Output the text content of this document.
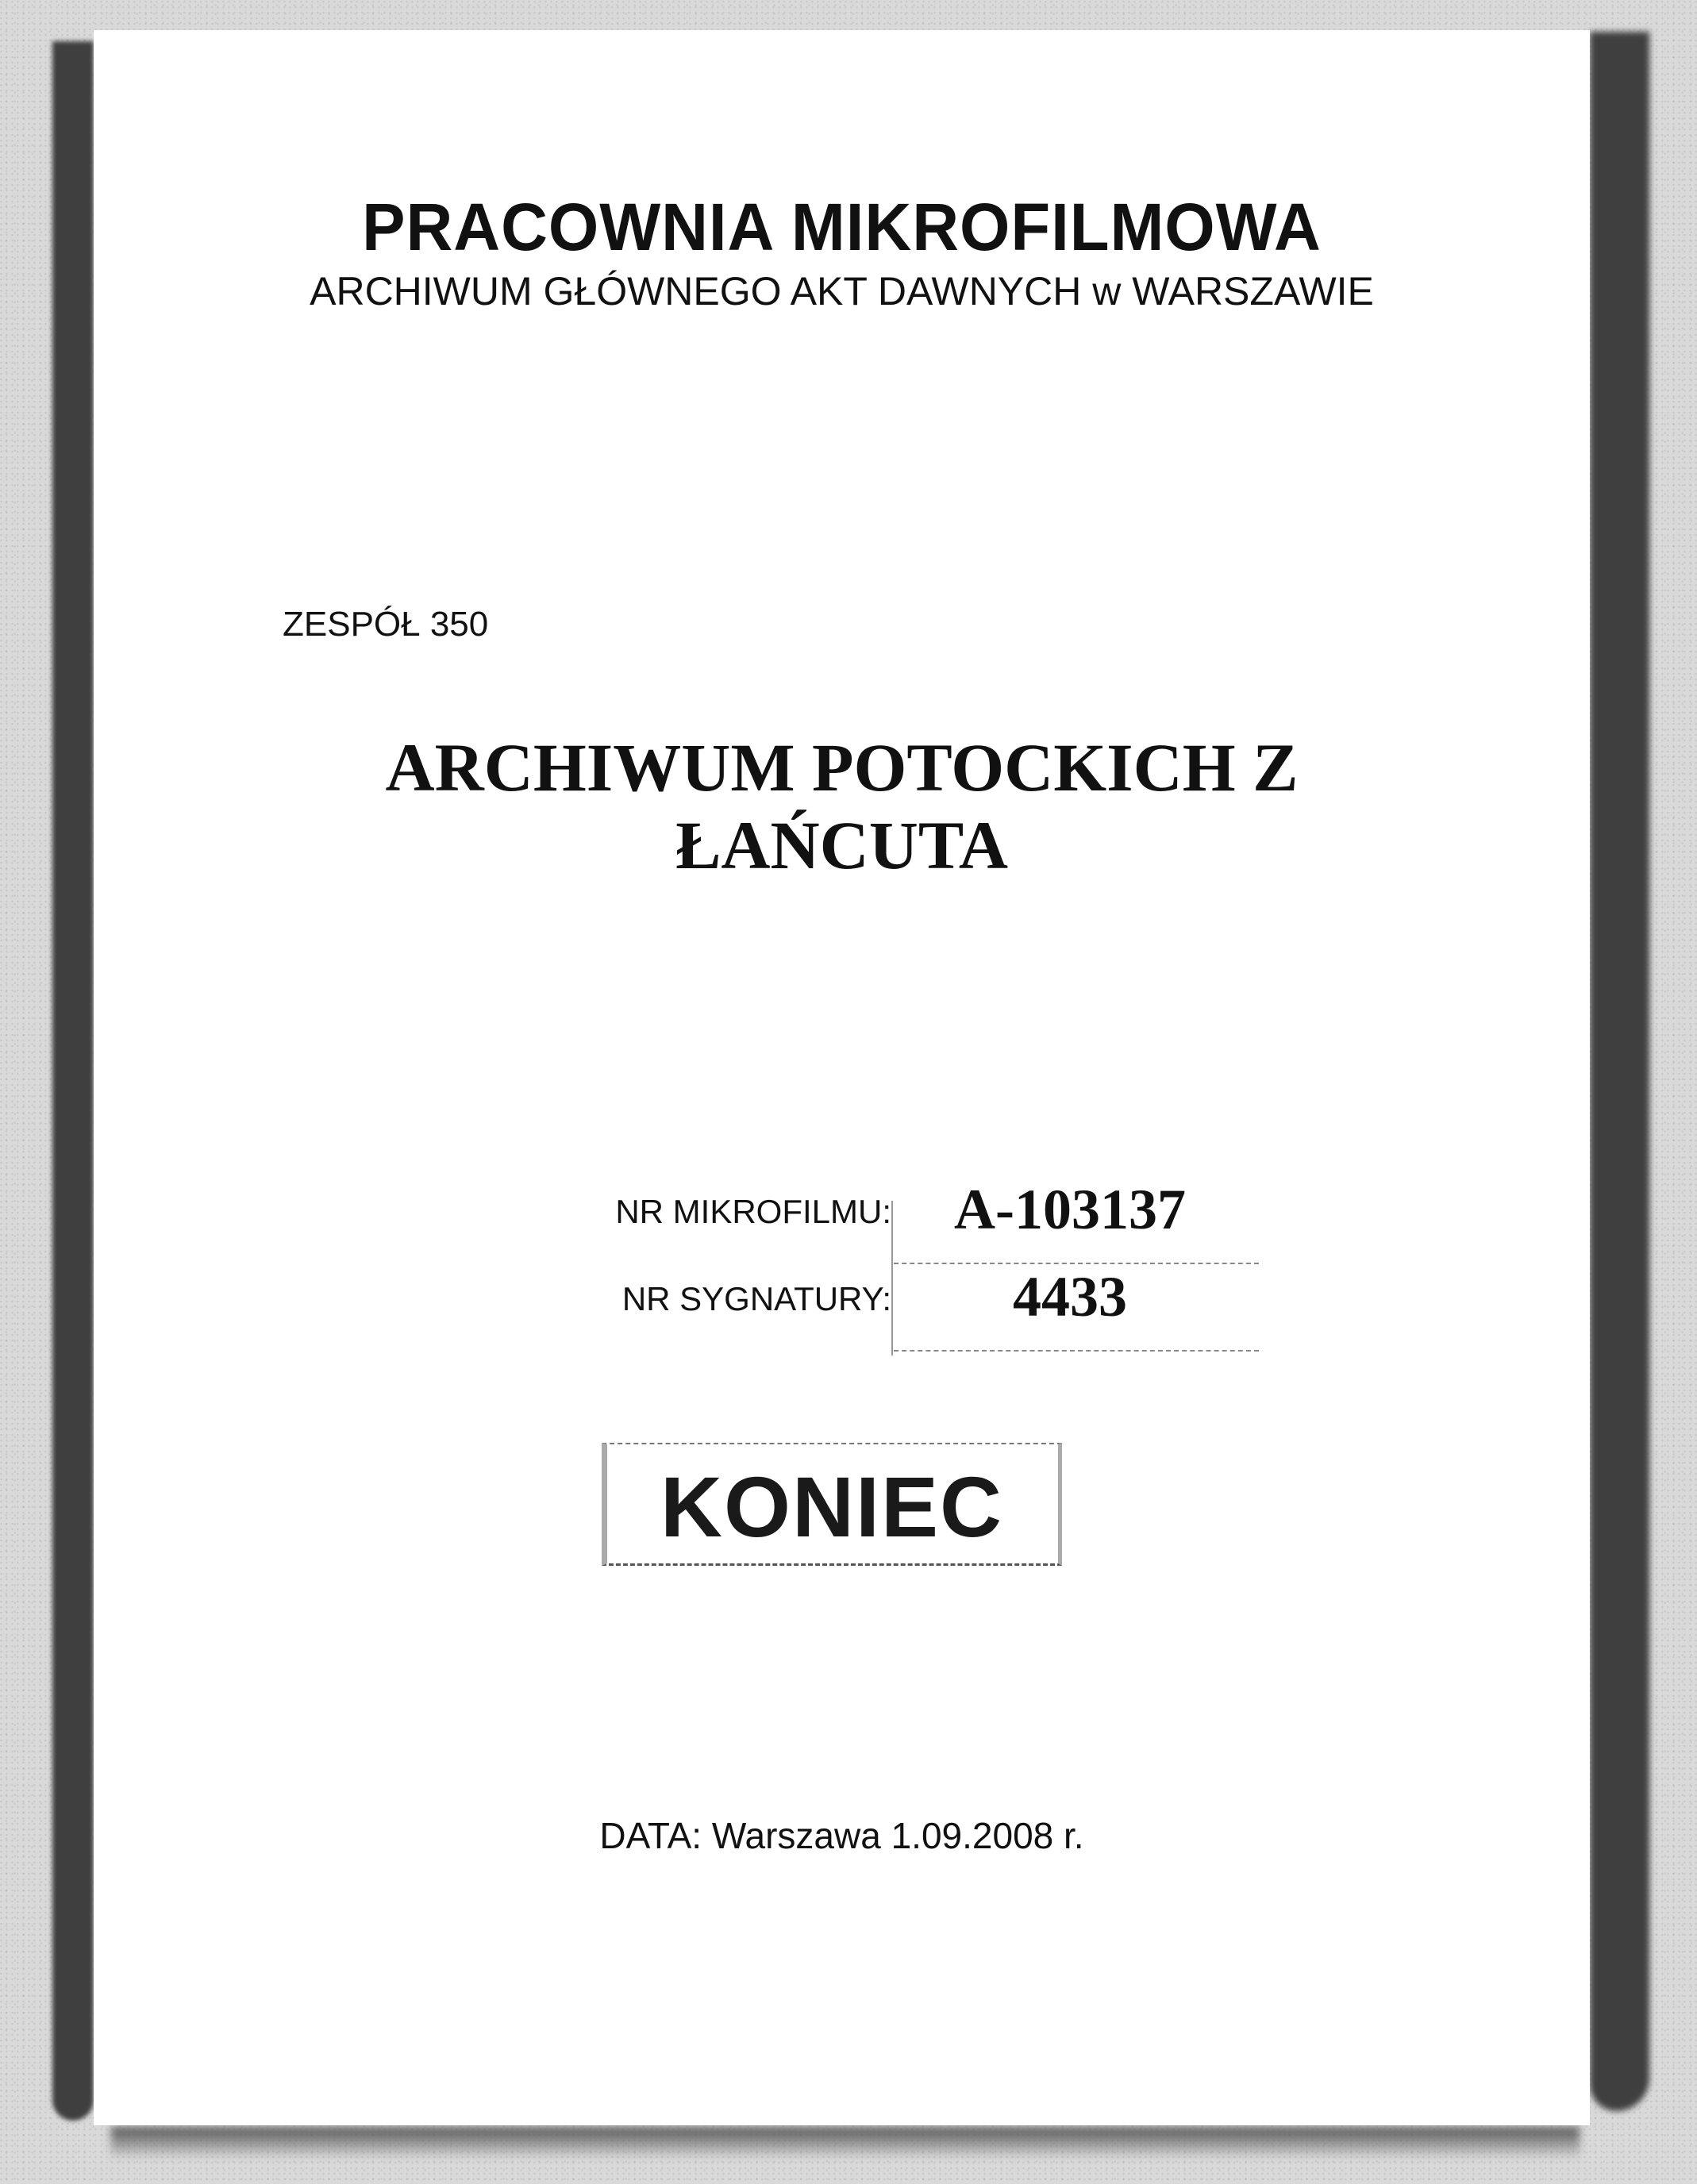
PRACOWNIA MIKROFILMOWA
ARCHIWUM GŁÓWNEGO AKT DAWNYCH w WARSZAWIE
ZESPÓŁ 350
ARCHIWUM POTOCKICH Z
ŁAŃCUTA
NR MIKROFILMU:	A-103137
NR SYGNATURY:	4433
KONIEC
DATA: Warszawa 1.09.2008 r.
